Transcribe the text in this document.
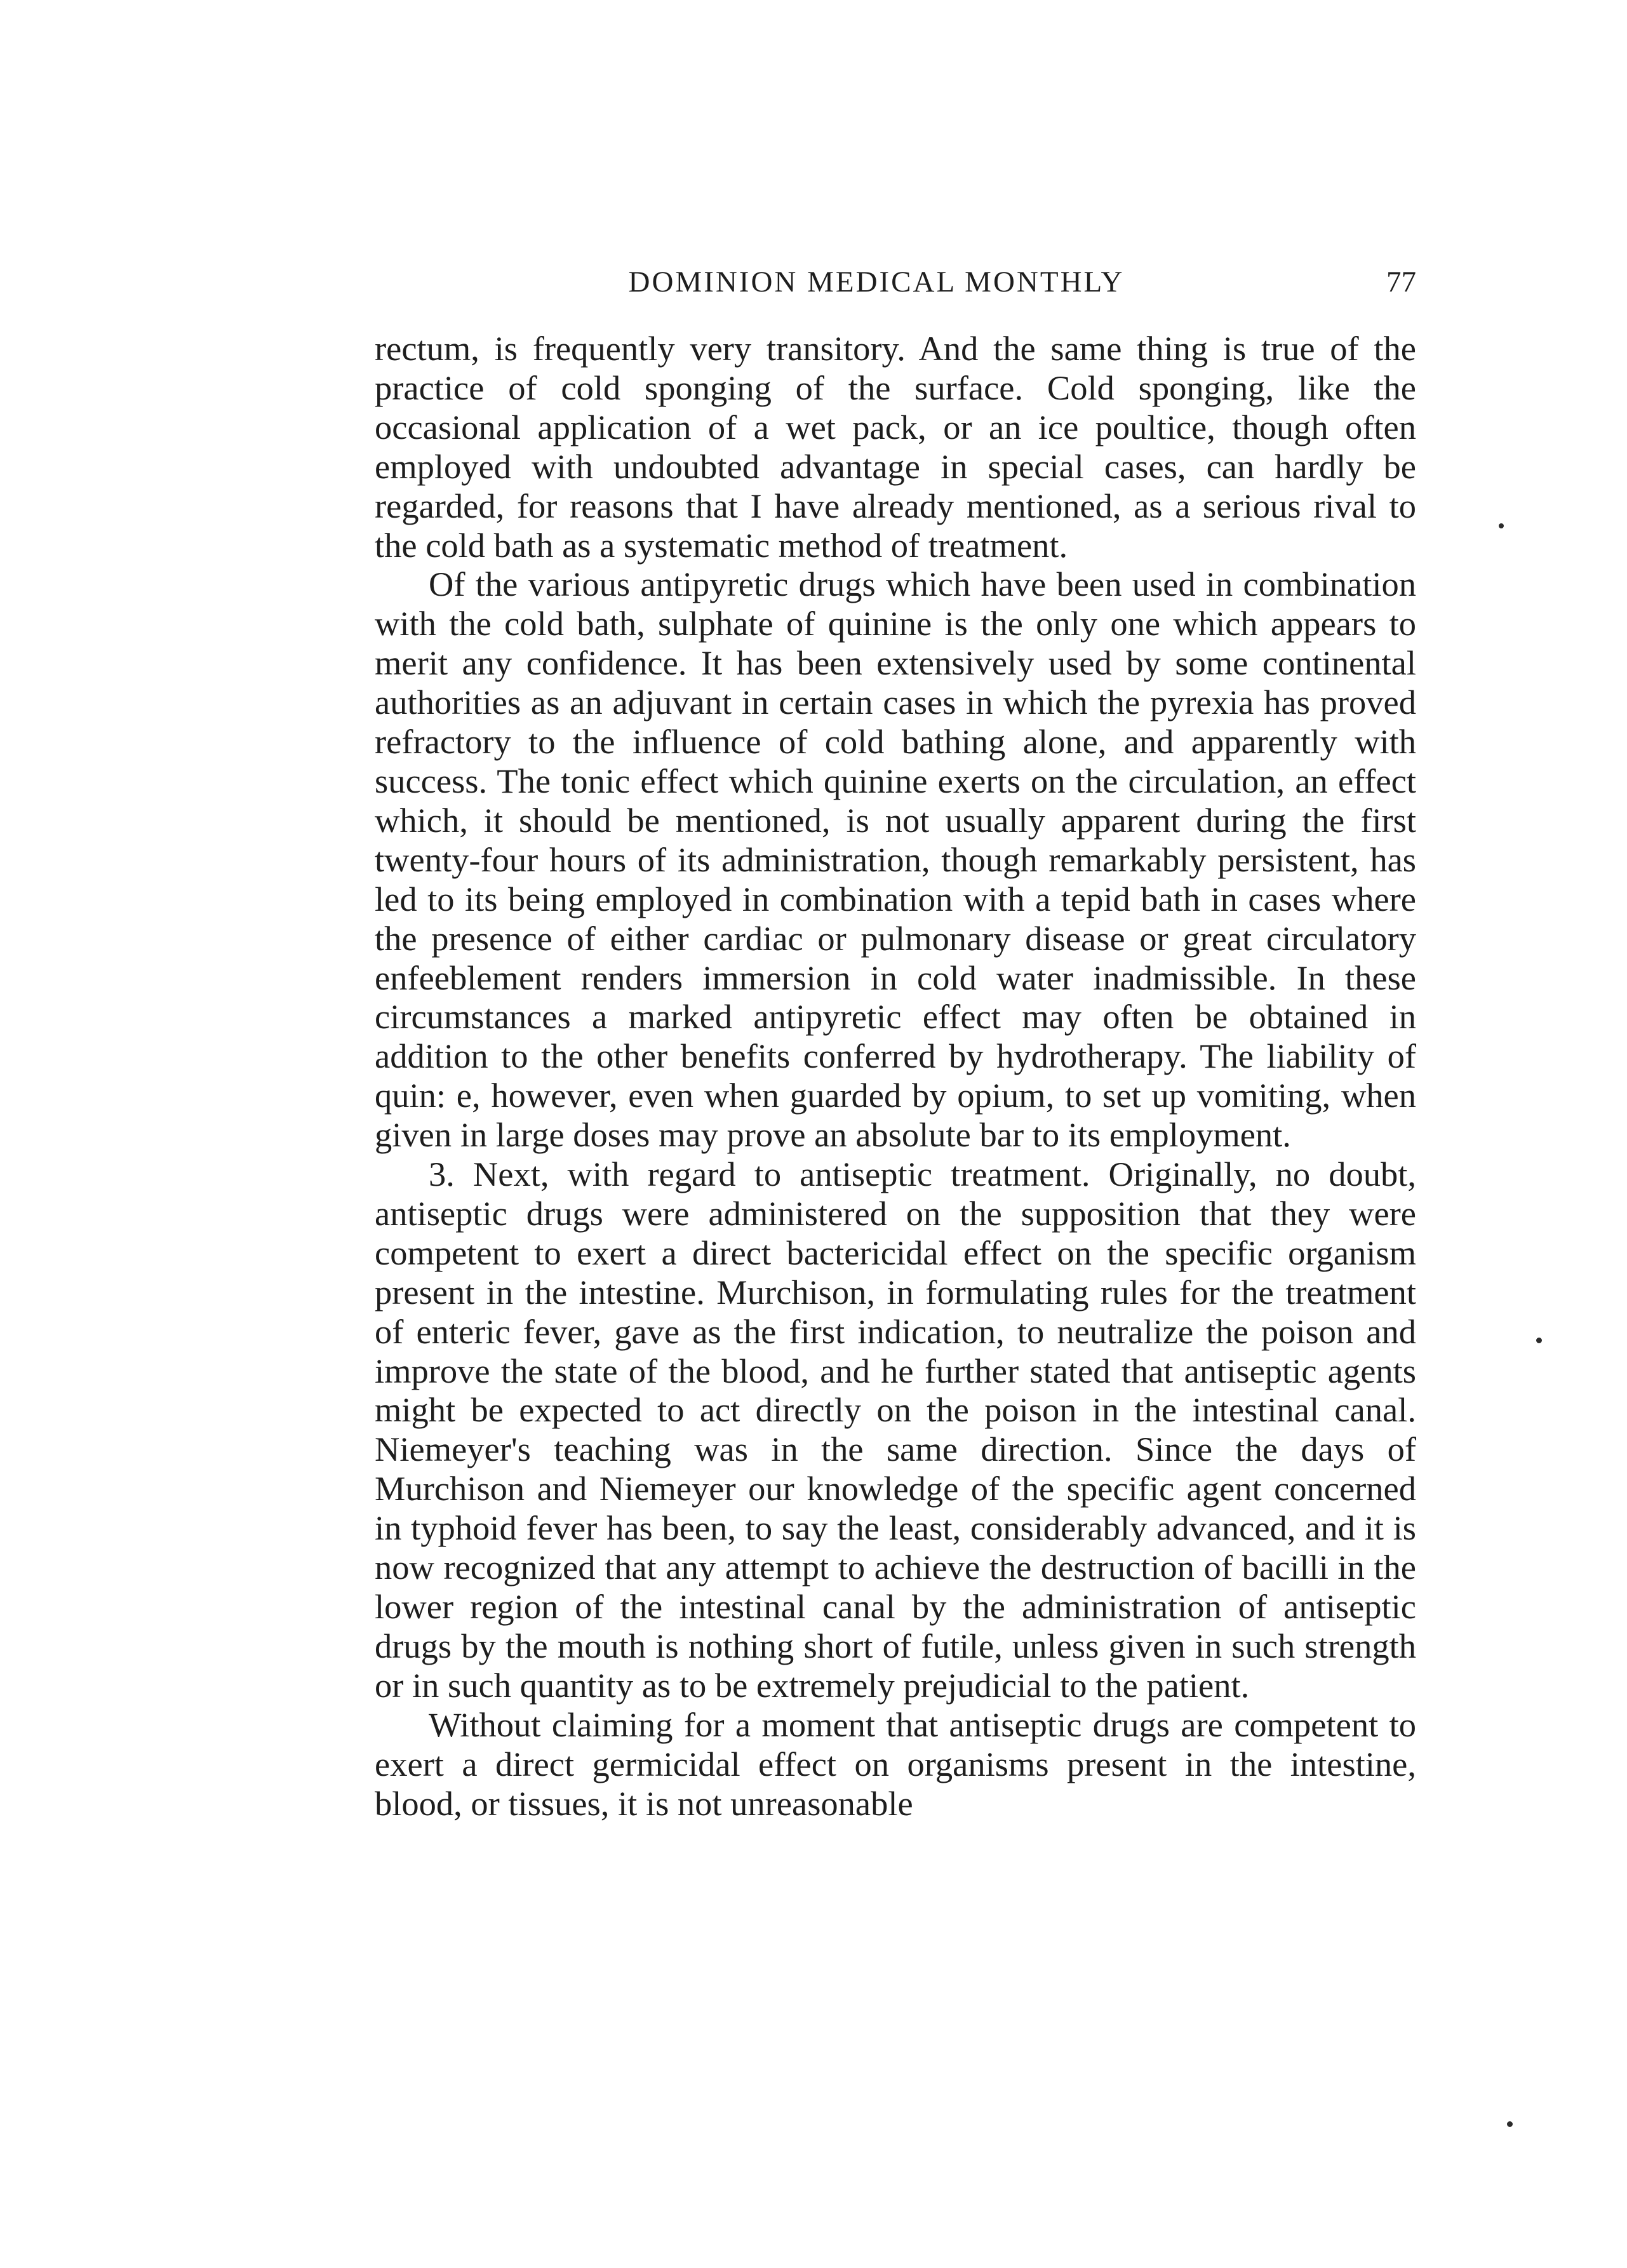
DOMINION MEDICAL MONTHLY	77

rectum, is frequently very transitory. And the same thing is true of the practice of cold sponging of the surface. Cold sponging, like the occasional application of a wet pack, or an ice poultice, though often employed with undoubted advantage in special cases, can hardly be regarded, for reasons that I have already mentioned, as a serious rival to the cold bath as a systematic method of treatment.

Of the various antipyretic drugs which have been used in combination with the cold bath, sulphate of quinine is the only one which appears to merit any confidence. It has been extensively used by some continental authorities as an adjuvant in certain cases in which the pyrexia has proved refractory to the influence of cold bathing alone, and apparently with success. The tonic effect which quinine exerts on the circulation, an effect which, it should be mentioned, is not usually apparent during the first twenty-four hours of its administration, though remarkably persistent, has led to its being employed in combination with a tepid bath in cases where the presence of either cardiac or pulmonary disease or great circulatory enfeeblement renders immersion in cold water inadmissible. In these circumstances a marked antipyretic effect may often be obtained in addition to the other benefits conferred by hydrotherapy. The liability of quin: e, however, even when guarded by opium, to set up vomiting, when given in large doses may prove an absolute bar to its employment.

3. Next, with regard to antiseptic treatment. Originally, no doubt, antiseptic drugs were administered on the supposition that they were competent to exert a direct bactericidal effect on the specific organism present in the intestine. Murchison, in formulating rules for the treatment of enteric fever, gave as the first indication, to neutralize the poison and improve the state of the blood, and he further stated that antiseptic agents might be expected to act directly on the poison in the intestinal canal. Niemeyer's teaching was in the same direction. Since the days of Murchison and Niemeyer our knowledge of the specific agent concerned in typhoid fever has been, to say the least, considerably advanced, and it is now recognized that any attempt to achieve the destruction of bacilli in the lower region of the intestinal canal by the administration of antiseptic drugs by the mouth is nothing short of futile, unless given in such strength or in such quantity as to be extremely prejudicial to the patient.

Without claiming for a moment that antiseptic drugs are competent to exert a direct germicidal effect on organisms present in the intestine, blood, or tissues, it is not unreasonable
